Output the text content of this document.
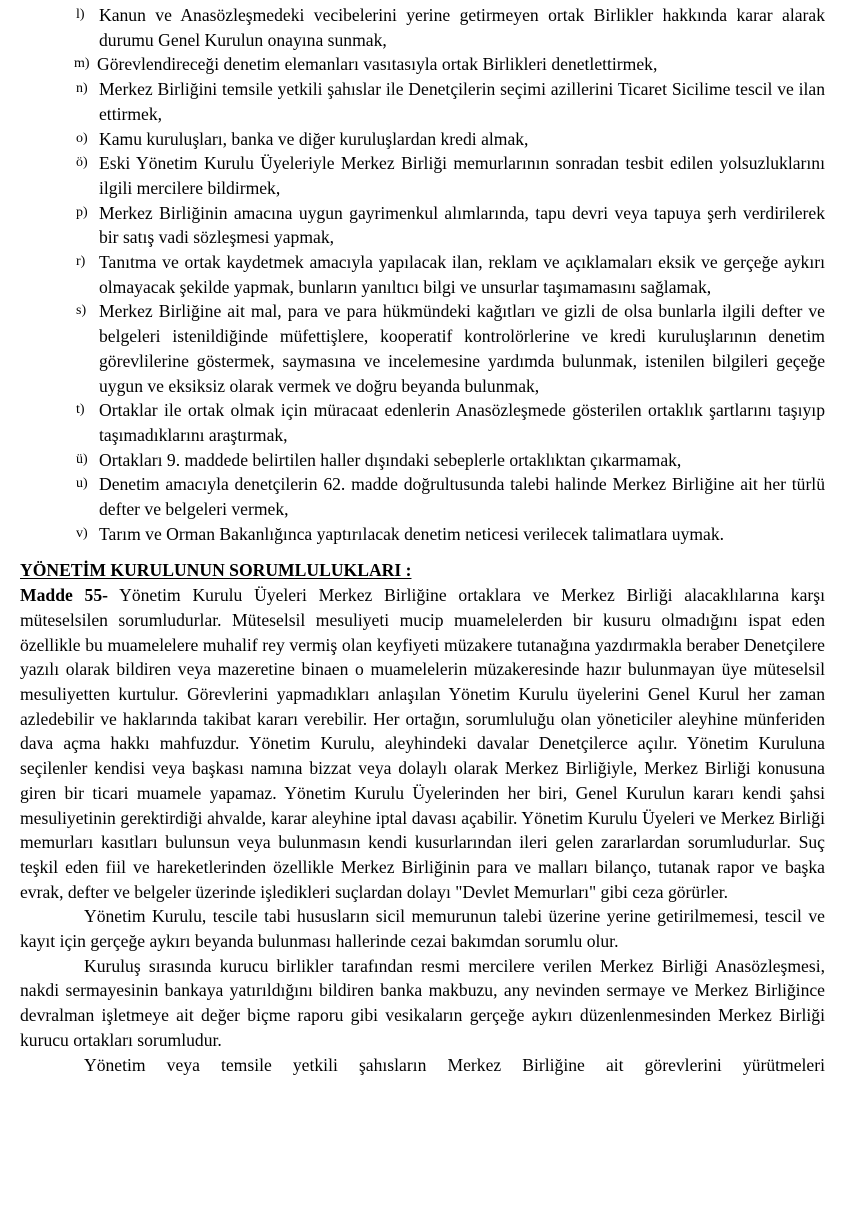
l) Kanun ve Anasözleşmedeki vecibelerini yerine getirmeyen ortak Birlikler hakkında karar alarak durumu Genel Kurulun onayına sunmak,
m) Görevlendireceği denetim elemanları vasıtasıyla ortak Birlikleri denetlettirmek,
n) Merkez Birliğini temsile yetkili şahıslar ile Denetçilerin seçimi azillerini Ticaret Sicilime tescil ve ilan ettirmek,
o) Kamu kuruluşları, banka ve diğer kuruluşlardan kredi almak,
ö) Eski Yönetim Kurulu Üyeleriyle Merkez Birliği memurlarının sonradan tesbit edilen yolsuzluklarını ilgili mercilere bildirmek,
p) Merkez Birliğinin amacına uygun gayrimenkul alımlarında, tapu devri veya tapuya şerh verdirilerek bir satış vadi sözleşmesi yapmak,
r) Tanıtma ve ortak kaydetmek amacıyla yapılacak ilan, reklam ve açıklamaları eksik ve gerçeğe aykırı olmayacak şekilde yapmak, bunların yanıltıcı bilgi ve unsurlar taşımamasını sağlamak,
s) Merkez Birliğine ait mal, para ve para hükmündeki kağıtları ve gizli de olsa bunlarla ilgili defter ve belgeleri istenildiğinde müfettişlere, kooperatif kontrolörlerine ve kredi kuruluşlarının denetim görevlilerine göstermek, saymasına ve incelemesine yardımda bulunmak, istenilen bilgileri geçeğe uygun ve eksiksiz olarak vermek ve doğru beyanda bulunmak,
t) Ortaklar ile ortak olmak için müracaat edenlerin Anasözleşmede gösterilen ortaklık şartlarını taşıyıp taşımadıklarını araştırmak,
ü) Ortakları 9. maddede belirtilen haller dışındaki sebeplerle ortaklıktan çıkarmamak,
u) Denetim amacıyla denetçilerin 62. madde doğrultusunda talebi halinde Merkez Birliğine ait her türlü defter ve belgeleri vermek,
v) Tarım ve Orman Bakanlığınca yaptırılacak denetim neticesi verilecek talimatlara uymak.
YÖNETİM KURULUNUN SORUMLULUKLARI :

Madde 55- Yönetim Kurulu Üyeleri Merkez Birliğine ortaklara ve Merkez Birliği alacaklılarına karşı müteselsilen sorumludurlar. Müteselsil mesuliyeti mucip muamelelerden bir kusuru olmadığını ispat eden özellikle bu muamelelere muhalif rey vermiş olan keyfiyeti müzakere tutanağına yazdırmakla beraber Denetçilere yazılı olarak bildiren veya mazeretine binaen o muamelelerin müzakeresinde hazır bulunmayan üye müteselsil mesuliyetten kurtulur. Görevlerini yapmadıkları anlaşılan Yönetim Kurulu üyelerini Genel Kurul her zaman azledebilir ve haklarında takibat kararı verebilir. Her ortağın, sorumluluğu olan yöneticiler aleyhine münferiden dava açma hakkı mahfuzdur. Yönetim Kurulu, aleyhindeki davalar Denetçilerce açılır. Yönetim Kuruluna seçilenler kendisi veya başkası namına bizzat veya dolaylı olarak Merkez Birliğiyle, Merkez Birliği konusuna giren bir ticari muamele yapamaz. Yönetim Kurulu Üyelerinden her biri, Genel Kurulun kararı kendi şahsi mesuliyetinin gerektirdiği ahvalde, karar aleyhine iptal davası açabilir. Yönetim Kurulu Üyeleri ve Merkez Birliği memurları kasıtları bulunsun veya bulunmasın kendi kusurlarından ileri gelen zararlardan sorumludurlar. Suç teşkil eden fiil ve hareketlerinden özellikle Merkez Birliğinin para ve malları bilanço, tutanak rapor ve başka evrak, defter ve belgeler üzerinde işledikleri suçlardan dolayı "Devlet Memurları" gibi ceza görürler.

Yönetim Kurulu, tescile tabi hususların sicil memurunun talebi üzerine yerine getirilmemesi, tescil ve kayıt için gerçeğe aykırı beyanda bulunması hallerinde cezai bakımdan sorumlu olur.

Kuruluş sırasında kurucu birlikler tarafından resmi mercilere verilen Merkez Birliği Anasözleşmesi, nakdi sermayesinin bankaya yatırıldığını bildiren banka makbuzu, any nevinden sermaye ve Merkez Birliğince devralman işletmeye ait değer biçme raporu gibi vesikaların gerçeğe aykırı düzenlenmesinden Merkez Birliği kurucu ortakları sorumludur.

Yönetim veya temsile yetkili şahısların Merkez Birliğine ait görevlerini yürütmeleri
